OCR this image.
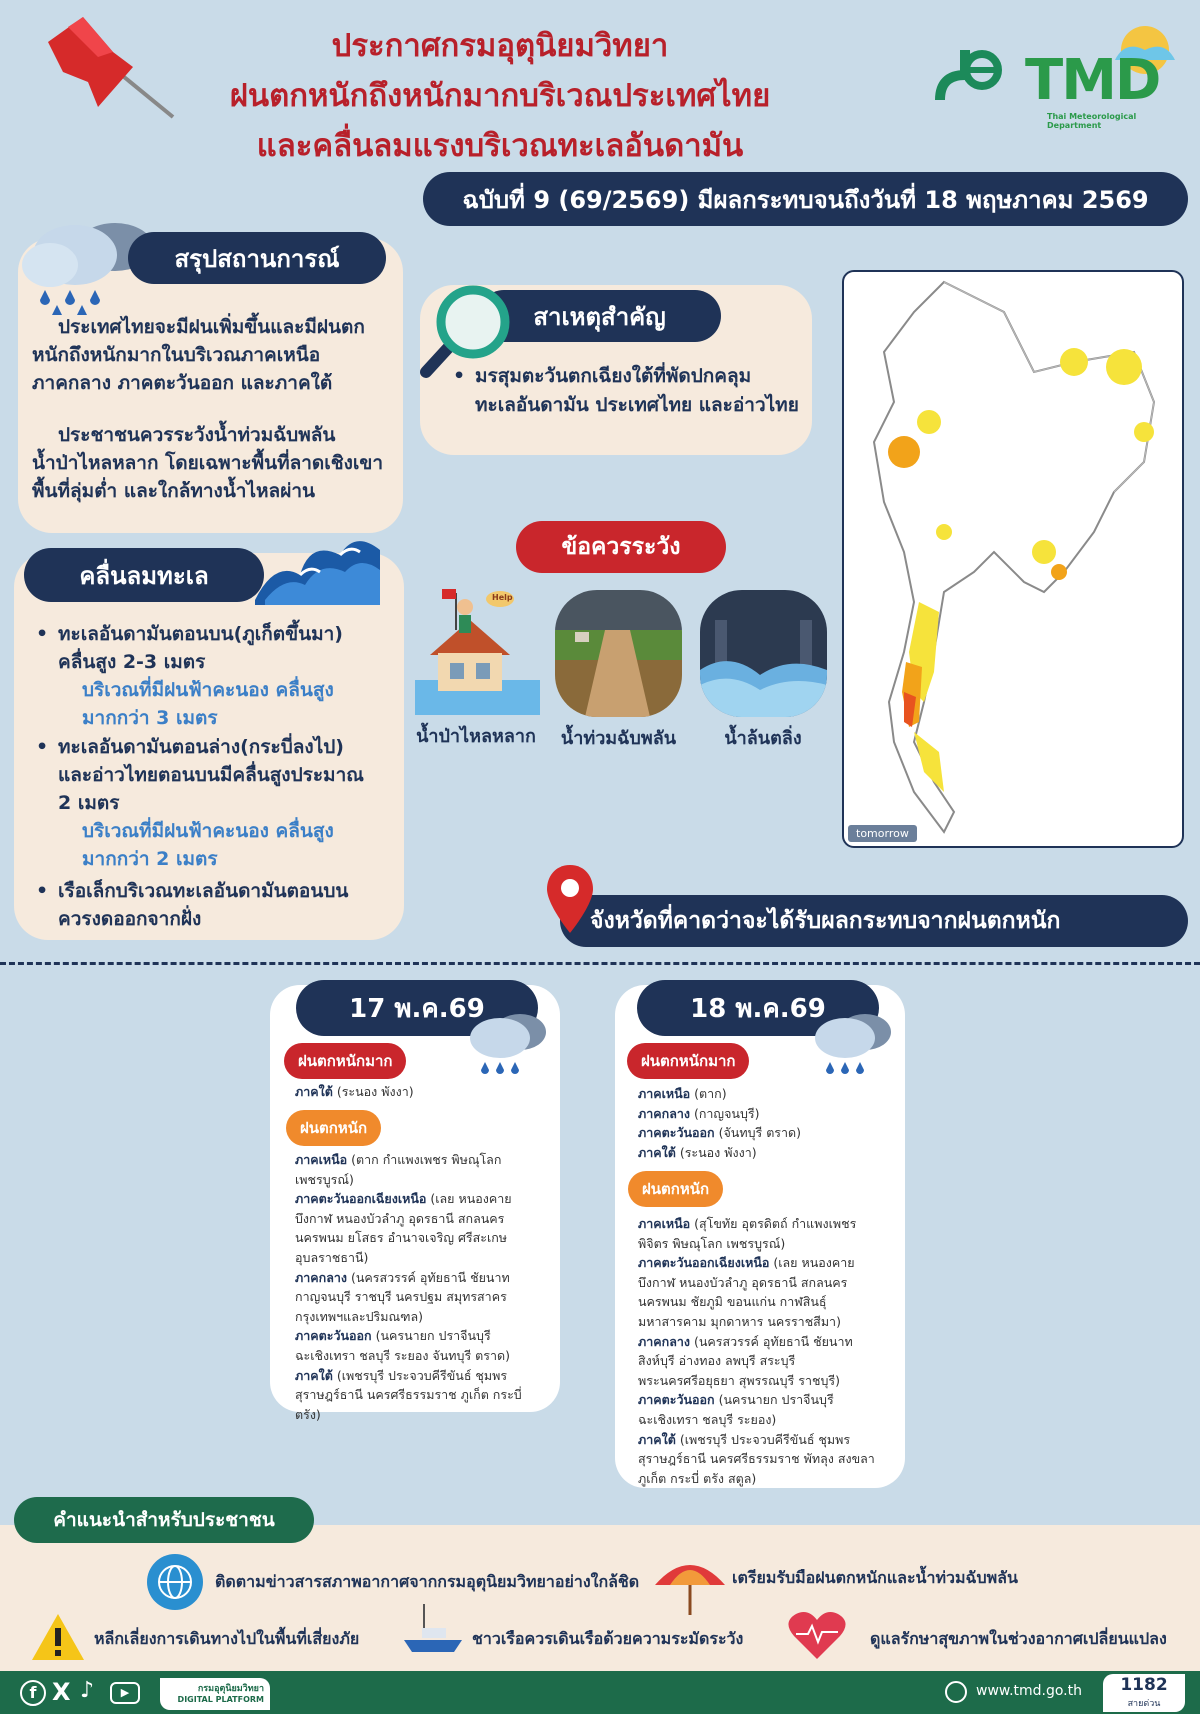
ประกาศกรมอุตุนิยมวิทยา
ฝนตกหนักถึงหนักมากบริเวณประเทศไทย
และคลื่นลมแรงบริเวณทะเลอันดามัน
TMD
Thai Meteorological Department
ฉบับที่ 9 (69/2569) มีผลกระทบจนถึงวันที่ 18 พฤษภาคม 2569
สรุปสถานการณ์
ประเทศไทยจะมีฝนเพิ่มขึ้นและมีฝนตก
หนักถึงหนักมากในบริเวณภาคเหนือ
ภาคกลาง ภาคตะวันออก และภาคใต้
ประชาชนควรระวังน้ำท่วมฉับพลัน
น้ำป่าไหลหลาก โดยเฉพาะพื้นที่ลาดเชิงเขา
พื้นที่ลุ่มต่ำ และใกล้ทางน้ำไหลผ่าน
สาเหตุสำคัญ
• มรสุมตะวันตกเฉียงใต้ที่พัดปกคลุม
ทะเลอันดามัน ประเทศไทย และอ่าวไทย
คลื่นลมทะเล
• ทะเลอันดามันตอนบน(ภูเก็ตขึ้นมา)
คลื่นสูง 2-3 เมตร
บริเวณที่มีฝนฟ้าคะนอง คลื่นสูง
มากกว่า 3 เมตร
• ทะเลอันดามันตอนล่าง(กระบี่ลงไป)
และอ่าวไทยตอนบนมีคลื่นสูงประมาณ
2 เมตร
บริเวณที่มีฝนฟ้าคะนอง คลื่นสูง
มากกว่า 2 เมตร
• เรือเล็กบริเวณทะเลอันดามันตอนบน
ควรงดออกจากฝั่ง
ข้อควรระวัง
Help
น้ำป่าไหลหลาก	น้ำท่วมฉับพลัน	น้ำล้นตลิ่ง
tomorrow
จังหวัดที่คาดว่าจะได้รับผลกระทบจากฝนตกหนัก
17 พ.ค.69
ฝนตกหนักมาก
ภาคใต้ (ระนอง พังงา)
ฝนตกหนัก
ภาคเหนือ (ตาก กำแพงเพชร พิษณุโลก เพชรบูรณ์)
ภาคตะวันออกเฉียงเหนือ (เลย หนองคาย บึงกาฬ หนองบัวลำภู อุดรธานี สกลนคร นครพนม ยโสธร อำนาจเจริญ ศรีสะเกษ อุบลราชธานี)
ภาคกลาง (นครสวรรค์ อุทัยธานี ชัยนาท กาญจนบุรี ราชบุรี นครปฐม สมุทรสาคร กรุงเทพฯและปริมณฑล)
ภาคตะวันออก (นครนายก ปราจีนบุรี ฉะเชิงเทรา ชลบุรี ระยอง จันทบุรี ตราด)
ภาคใต้ (เพชรบุรี ประจวบคีรีขันธ์ ชุมพร สุราษฎร์ธานี นครศรีธรรมราช ภูเก็ต กระบี่ ตรัง)
18 พ.ค.69
ฝนตกหนักมาก
ภาคเหนือ (ตาก)
ภาคกลาง (กาญจนบุรี)
ภาคตะวันออก (จันทบุรี ตราด)
ภาคใต้ (ระนอง พังงา)
ฝนตกหนัก
ภาคเหนือ (สุโขทัย อุตรดิตถ์ กำแพงเพชร พิจิตร พิษณุโลก เพชรบูรณ์)
ภาคตะวันออกเฉียงเหนือ (เลย หนองคาย บึงกาฬ หนองบัวลำภู อุดรธานี สกลนคร นครพนม ชัยภูมิ ขอนแก่น กาฬสินธุ์ มหาสารคาม มุกดาหาร นครราชสีมา)
ภาคกลาง (นครสวรรค์ อุทัยธานี ชัยนาท สิงห์บุรี อ่างทอง ลพบุรี สระบุรี พระนครศรีอยุธยา สุพรรณบุรี ราชบุรี)
ภาคตะวันออก (นครนายก ปราจีนบุรี ฉะเชิงเทรา ชลบุรี ระยอง)
ภาคใต้ (เพชรบุรี ประจวบคีรีขันธ์ ชุมพร สุราษฎร์ธานี นครศรีธรรมราช พัทลุง สงขลา ภูเก็ต กระบี่ ตรัง สตูล)
คำแนะนำสำหรับประชาชน
ติดตามข่าวสารสภาพอากาศจากกรมอุตุนิยมวิทยาอย่างใกล้ชิด	เตรียมรับมือฝนตกหนักและน้ำท่วมฉับพลัน
หลีกเลี่ยงการเดินทางไปในพื้นที่เสี่ยงภัย	ชาวเรือควรเดินเรือด้วยความระมัดระวัง	ดูแลรักษาสุขภาพในช่วงอากาศเปลี่ยนแปลง
f X ♪	▶	กรมอุตุนิยมวิทยา
DIGITAL PLATFORM
www.tmd.go.th	1182
สายด่วน
